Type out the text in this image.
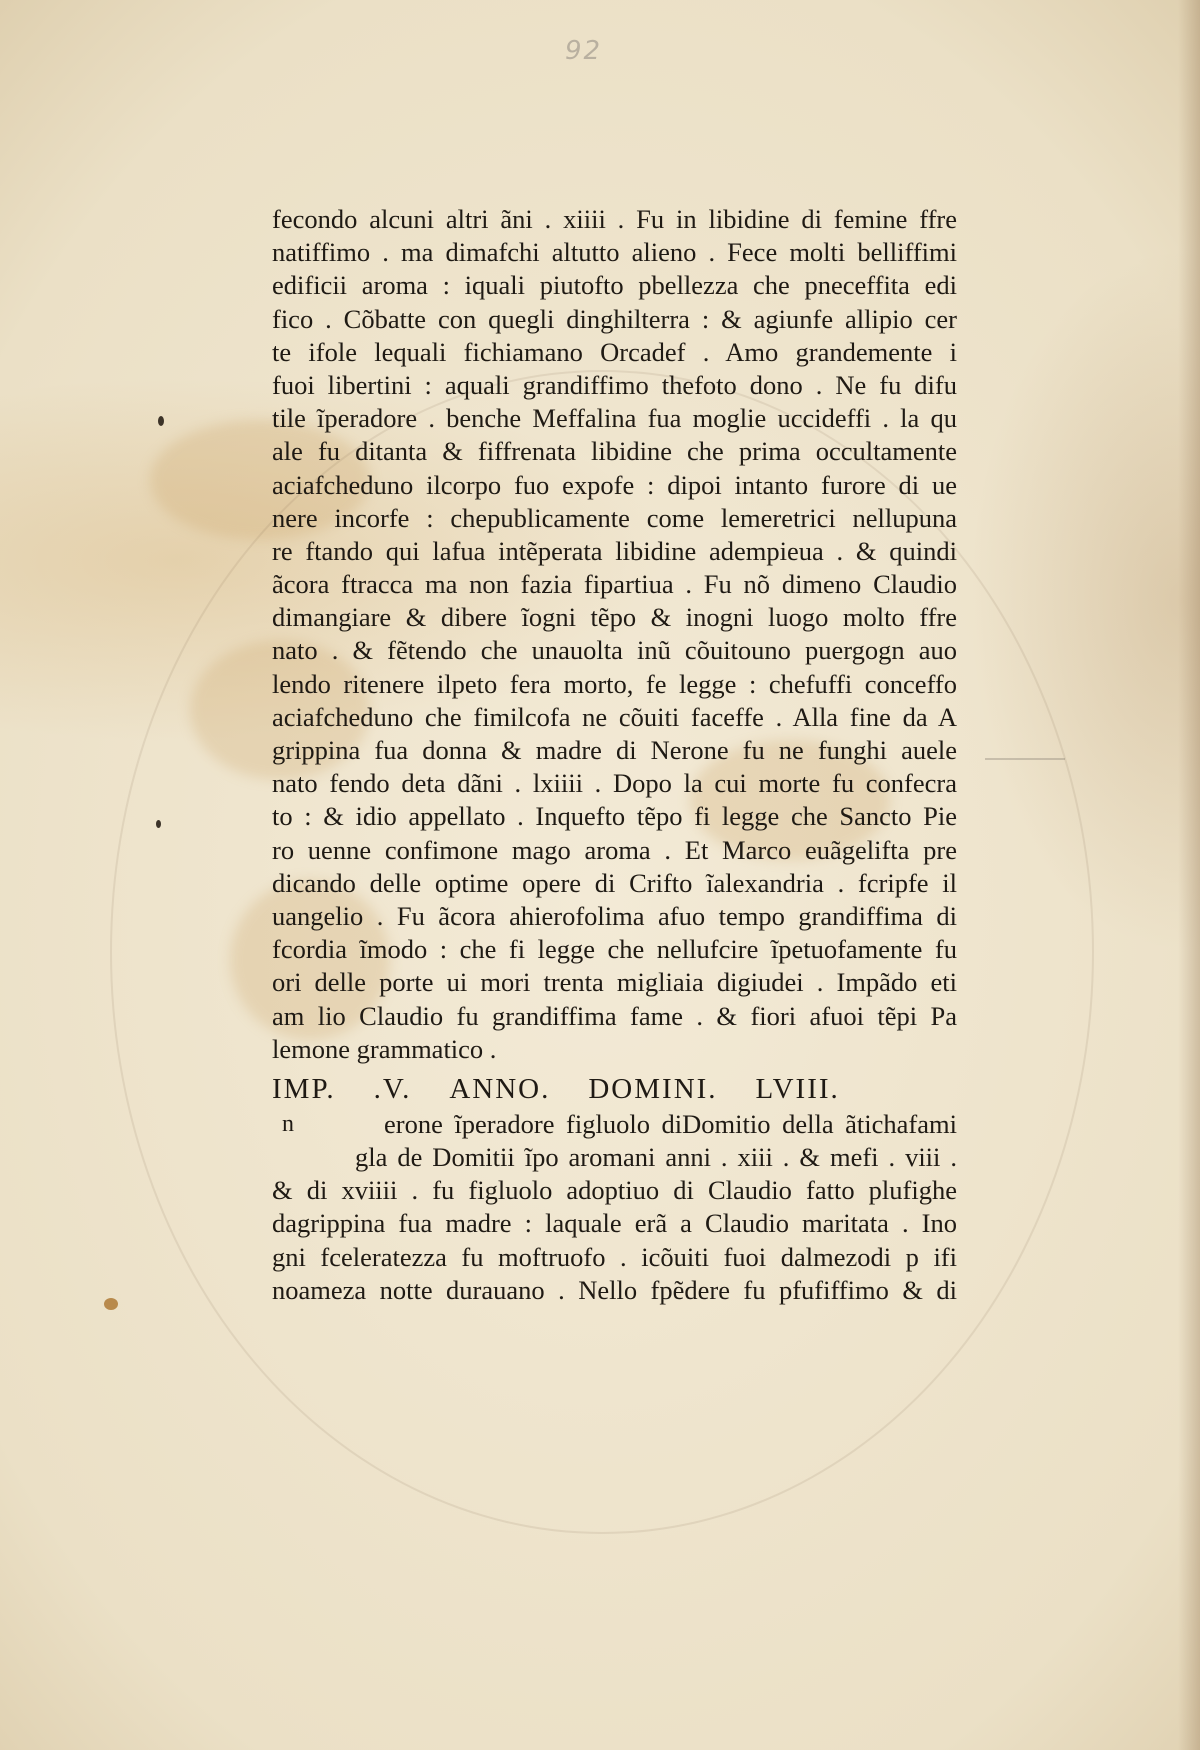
92
fecondo alcuni altri ãni . xiiii . Fu in libidine di femine ffre
natiffimo . ma dimafchi altutto alieno . Fece molti belliffimi
edificii aroma : iquali piutofto pbellezza che pneceffita edi
fico . Cõbatte con quegli dinghilterra : & agiunfe allipio cer
te ifole lequali fichiamano Orcadef . Amo grandemente i
fuoi libertini : aquali grandiffimo thefoto dono . Ne fu difu
tile ĩperadore . benche Meffalina fua moglie uccideffi . la qu
ale fu ditanta & fiffrenata libidine che prima occultamente
aciafcheduno ilcorpo fuo expofe : dipoi intanto furore di ue
nere incorfe : chepublicamente come lemeretrici nellupuna
re ftando qui lafua intẽperata libidine adempieua . & quindi
ãcora ftracca ma non fazia fipartiua . Fu nõ dimeno Claudio
dimangiare & dibere ĩogni tẽpo & inogni luogo molto ffre
nato . & fẽtendo che unauolta inũ cõuitouno puergogn auo
lendo ritenere ilpeto fera morto, fe legge : chefuffi conceffo
aciafcheduno che fimilcofa ne cõuiti faceffe . Alla fine da A
grippina fua donna & madre di Nerone fu ne funghi auele
nato fendo deta dãni . lxiiii . Dopo la cui morte fu confecra
to : & idio appellato . Inquefto tẽpo fi legge che Sancto Pie
ro uenne confimone mago aroma . Et Marco euãgelifta pre
dicando delle optime opere di Crifto ĩalexandria . fcripfe il
uangelio . Fu ãcora ahierofolima afuo tempo grandiffima di
fcordia ĩmodo : che fi legge che nellufcire ĩpetuofamente fu
ori delle porte ui mori trenta migliaia digiudei . Impãdo eti
am lio Claudio fu grandiffima fame . & fiori afuoi tẽpi Pa
lemone grammatico .
IMP. .V. ANNO. DOMINI. LVIII.
n	erone ĩperadore figluolo diDomitio della ãtichafami
gla de Domitii ĩpo aromani anni . xiii . & mefi . viii .
& di xviiii . fu figluolo adoptiuo di Claudio fatto plufighe
dagrippina fua madre : laquale erã a Claudio maritata . Ino
gni fceleratezza fu moftruofo . icõuiti fuoi dalmezodi p ifi
noameza notte durauano . Nello fpẽdere fu pfufiffimo & di
